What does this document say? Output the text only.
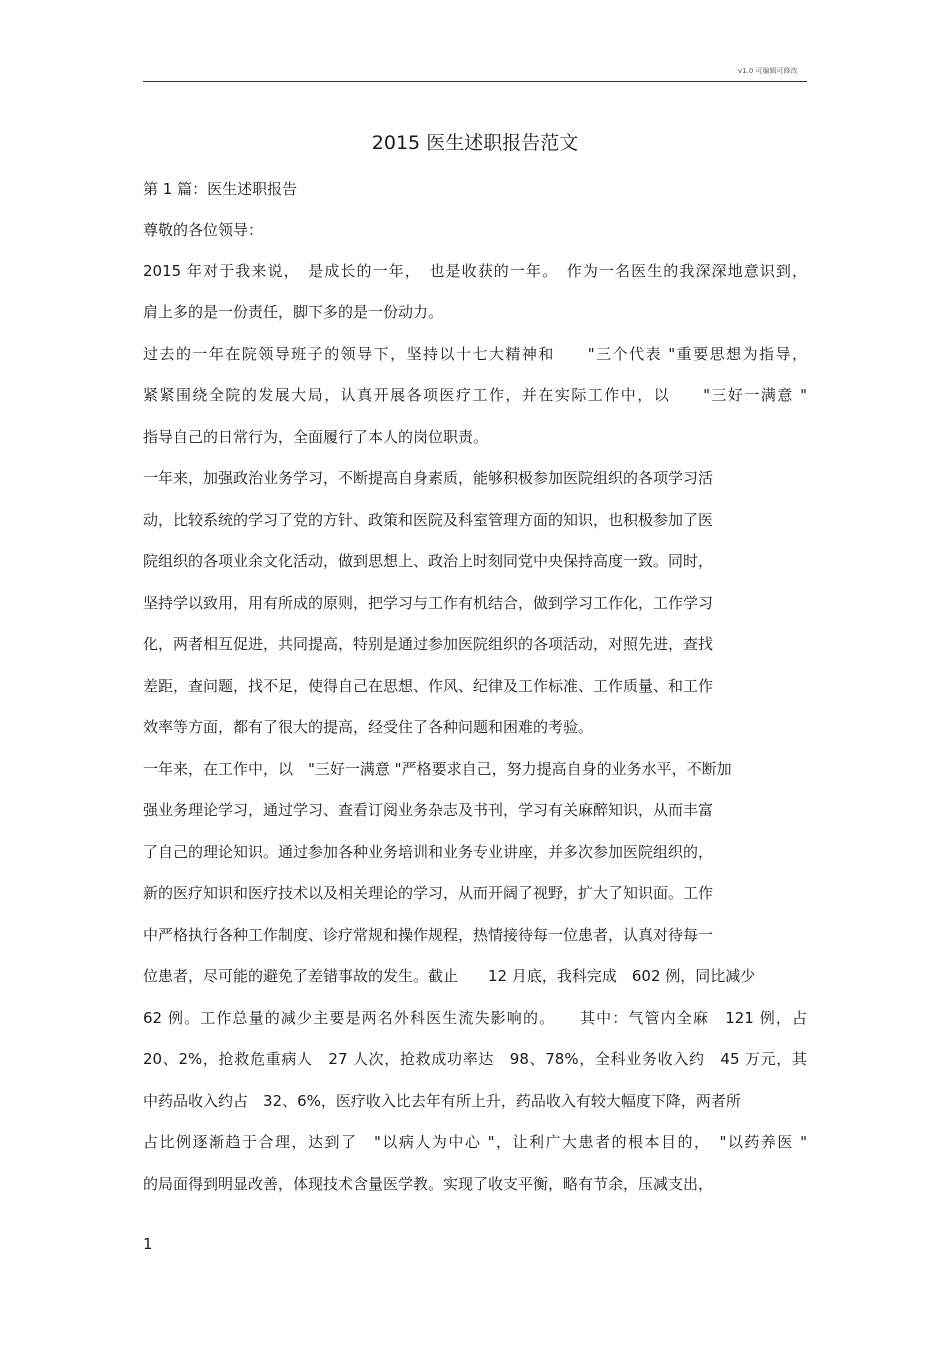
v1.0 可编辑可修改
2015 医生述职报告范文
第 1 篇：医生述职报告
尊敬的各位领导：
2015 年对于我来说，　是成长的一年，　也是收获的一年。　作为一名医生的我深深地意识到，
肩上多的是一份责任，脚下多的是一份动力。
过去的一年在院领导班子的领导下，坚持以十七大精神和　　"三个代表 "重要思想为指导，
紧紧围绕全院的发展大局，认真开展各项医疗工作，并在实际工作中，以　　"三好一满意 "
指导自己的日常行为，全面履行了本人的岗位职责。
一年来，加强政治业务学习，不断提高自身素质，能够积极参加医院组织的各项学习活
动，比较系统的学习了党的方针、政策和医院及科室管理方面的知识，也积极参加了医
院组织的各项业余文化活动，做到思想上、政治上时刻同党中央保持高度一致。同时，
坚持学以致用，用有所成的原则，把学习与工作有机结合，做到学习工作化，工作学习
化，两者相互促进，共同提高，特别是通过参加医院组织的各项活动，对照先进，查找
差距，查问题，找不足，使得自己在思想、作风、纪律及工作标准、工作质量、和工作
效率等方面，都有了很大的提高，经受住了各种问题和困难的考验。
一年来，在工作中，以　"三好一满意 "严格要求自己，努力提高自身的业务水平，不断加
强业务理论学习，通过学习、查看订阅业务杂志及书刊，学习有关麻醉知识，从而丰富
了自己的理论知识。通过参加各种业务培训和业务专业讲座，并多次参加医院组织的，
新的医疗知识和医疗技术以及相关理论的学习，从而开阔了视野，扩大了知识面。工作
中严格执行各种工作制度、诊疗常规和操作规程，热情接待每一位患者，认真对待每一
位患者，尽可能的避免了差错事故的发生。截止　　12 月底，我科完成　602 例，同比减少
62 例。工作总量的减少主要是两名外科医生流失影响的。　　其中：气管内全麻　121 例，占
20、2%，抢救危重病人　27 人次，抢救成功率达　98、78%，全科业务收入约　45 万元，其
中药品收入约占　32、6%，医疗收入比去年有所上升，药品收入有较大幅度下降，两者所
占比例逐渐趋于合理，达到了　"以病人为中心 "，让利广大患者的根本目的，　"以药养医 "
的局面得到明显改善，体现技术含量医学教。实现了收支平衡，略有节余，压减支出，
1
